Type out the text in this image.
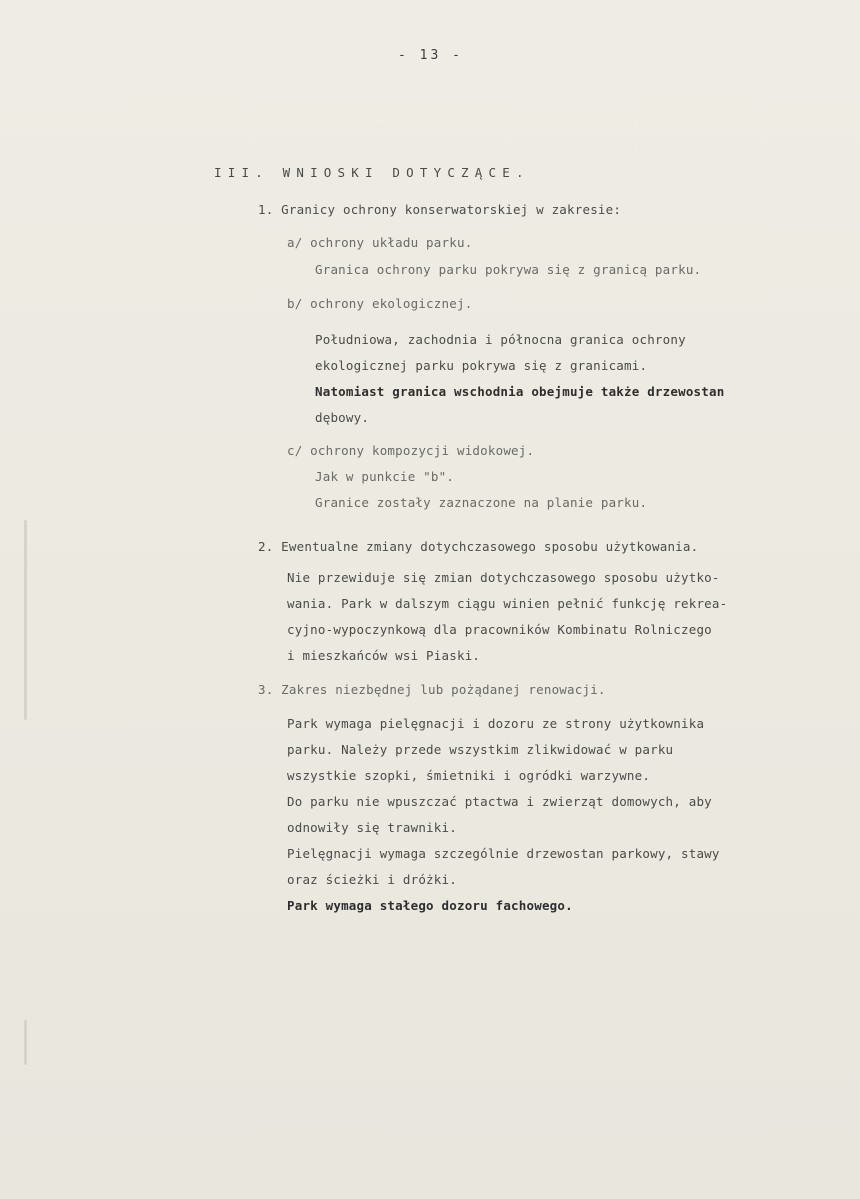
- 13 -
III. WNIOSKI DOTYCZĄCE.
1. Granicy ochrony konserwatorskiej w zakresie:
a/ ochrony układu parku.
Granica ochrony parku pokrywa się z granicą parku.
b/ ochrony ekologicznej.
Południowa, zachodnia i północna granica ochrony
ekologicznej parku pokrywa się z granicami.
Natomiast granica wschodnia obejmuje także drzewostan
dębowy.
c/ ochrony kompozycji widokowej.
Jak w punkcie "b".
Granice zostały zaznaczone na planie parku.
2. Ewentualne zmiany dotychczasowego sposobu użytkowania.
Nie przewiduje się zmian dotychczasowego sposobu użytko-
wania. Park w dalszym ciągu winien pełnić funkcję rekrea-
cyjno-wypoczynkową dla pracowników Kombinatu Rolniczego
i mieszkańców wsi Piaski.
3. Zakres niezbędnej lub pożądanej renowacji.
Park wymaga pielęgnacji i dozoru ze strony użytkownika
parku. Należy przede wszystkim zlikwidować w parku
wszystkie szopki, śmietniki i ogródki warzywne.
Do parku nie wpuszczać ptactwa i zwierząt domowych, aby
odnowiły się trawniki.
Pielęgnacji wymaga szczególnie drzewostan parkowy, stawy
oraz ścieżki i dróżki.
Park wymaga stałego dozoru fachowego.
